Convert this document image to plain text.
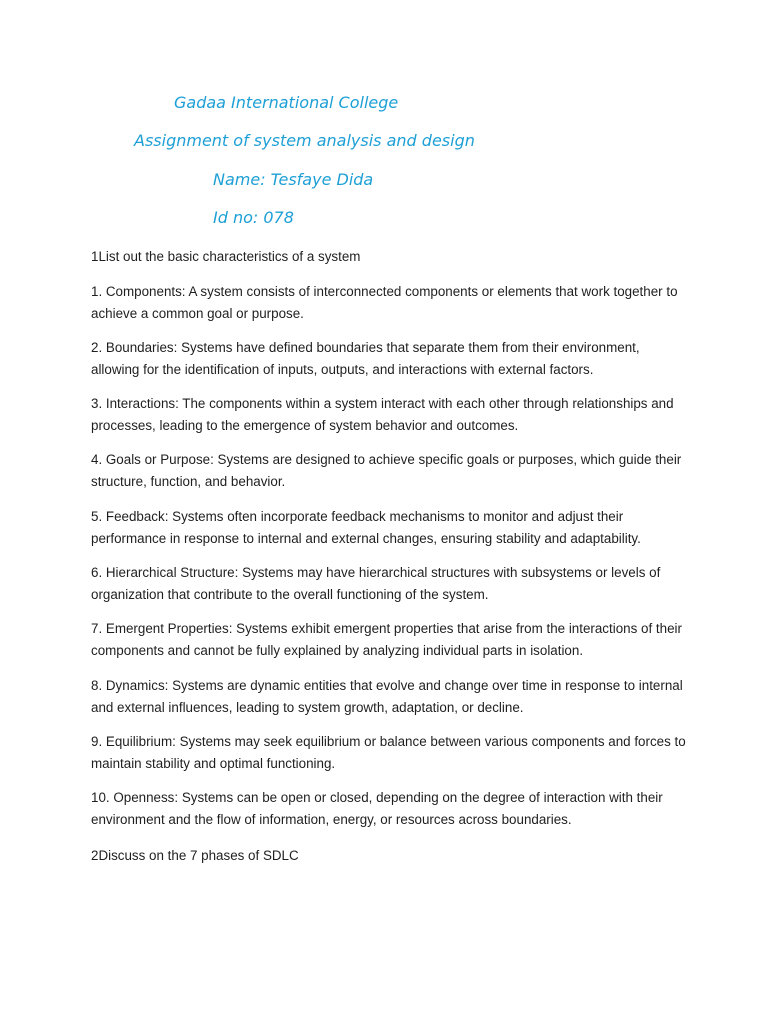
Gadaa International College
Assignment of system analysis and design
Name: Tesfaye Dida
Id no: 078

1List out the basic characteristics of a system

1. Components: A system consists of interconnected components or elements that work together to achieve a common goal or purpose.

2. Boundaries: Systems have defined boundaries that separate them from their environment, allowing for the identification of inputs, outputs, and interactions with external factors.

3. Interactions: The components within a system interact with each other through relationships and processes, leading to the emergence of system behavior and outcomes.

4. Goals or Purpose: Systems are designed to achieve specific goals or purposes, which guide their structure, function, and behavior.

5. Feedback: Systems often incorporate feedback mechanisms to monitor and adjust their performance in response to internal and external changes, ensuring stability and adaptability.

6. Hierarchical Structure: Systems may have hierarchical structures with subsystems or levels of organization that contribute to the overall functioning of the system.

7. Emergent Properties: Systems exhibit emergent properties that arise from the interactions of their components and cannot be fully explained by analyzing individual parts in isolation.

8. Dynamics: Systems are dynamic entities that evolve and change over time in response to internal and external influences, leading to system growth, adaptation, or decline.

9. Equilibrium: Systems may seek equilibrium or balance between various components and forces to maintain stability and optimal functioning.

10. Openness: Systems can be open or closed, depending on the degree of interaction with their environment and the flow of information, energy, or resources across boundaries.

2Discuss on the 7 phases of SDLC
